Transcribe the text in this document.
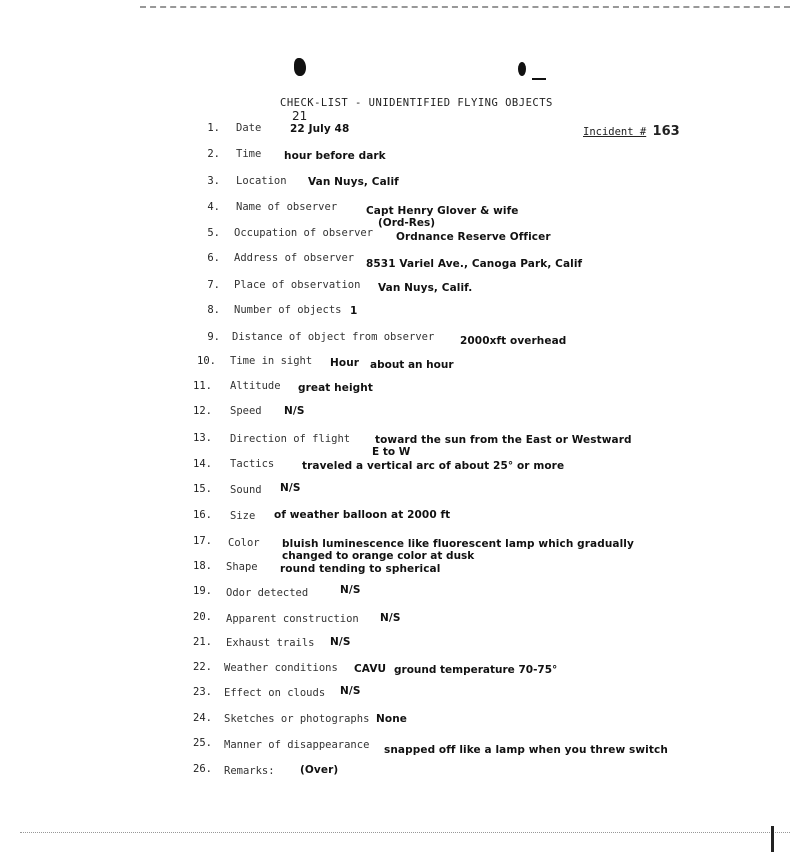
CHECK-LIST - UNIDENTIFIED FLYING OBJECTS
21
Incident # 163
1. Date	22 July 48
2. Time hour before dark
3. Location Van Nuys, Calif
4. Name of observer	Capt Henry Glover & wife
(Ord-Res)
5. Occupation of observer Ordnance Reserve Officer
6. Address of observer 8531 Variel Ave., Canoga Park, Calif
7. Place of observation Van Nuys, Calif.
8. Number of objects 1
9. Distance of object from observer 2000xft overhead
10. Time in sight Hour about an hour
11. Altitude great height
12. Speed N/S
13. Direction of flight toward the sun from the East or Westward
E to W
14. Tactics	traveled a vertical arc of about 25° or more
15. Sound N/S
16. Size of weather balloon at 2000 ft
17. Color bluish luminescence like fluorescent lamp which gradually
changed to orange color at dusk
18. Shape round tending to spherical
19. Odor detected	N/S
20. Apparent construction N/S
21. Exhaust trails N/S
22. Weather conditions CAVU ground temperature 70-75°
23. Effect on clouds N/S
24. Sketches or photographs None
25. Manner of disappearance snapped off like a lamp when you threw switch
26. Remarks: (Over)
